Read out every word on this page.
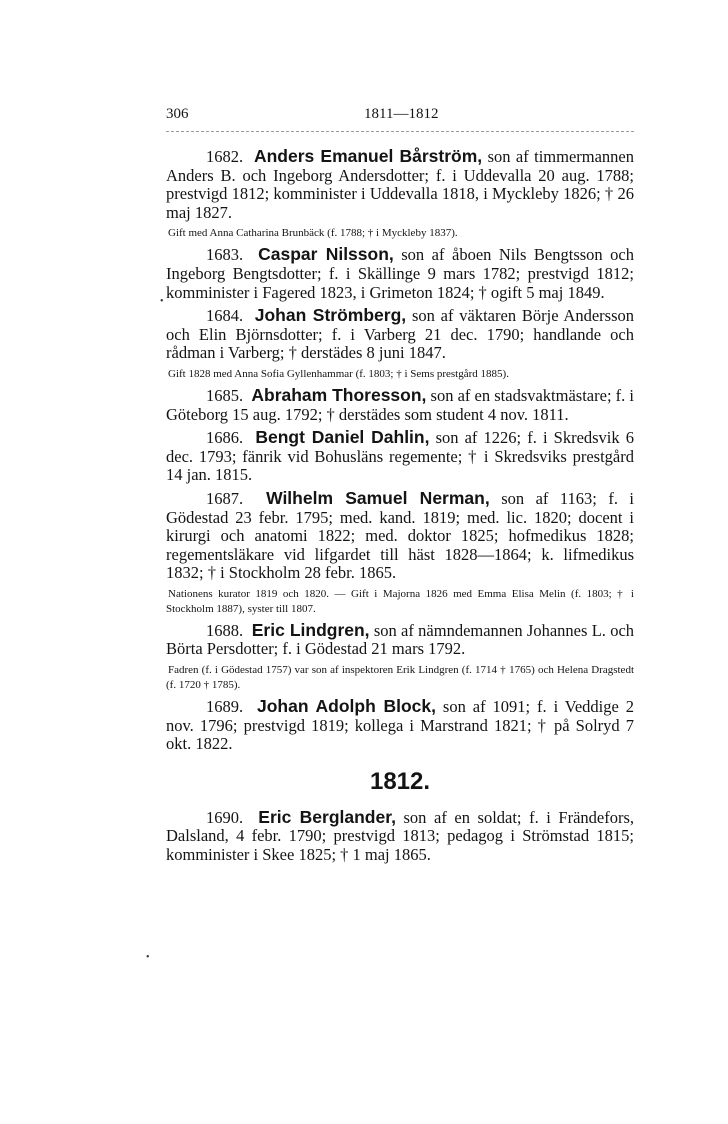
306	1811—1812
1682. Anders Emanuel Bårström, son af timmermannen Anders B. och Ingeborg Andersdotter; f. i Uddevalla 20 aug. 1788; prestvigd 1812; komminister i Uddevalla 1818, i Myckleby 1826; † 26 maj 1827.
Gift med Anna Catharina Brunbäck (f. 1788; † i Myckleby 1837).
1683. Caspar Nilsson, son af åboen Nils Bengtsson och Ingeborg Bengtsdotter; f. i Skällinge 9 mars 1782; prestvigd 1812; komminister i Fagered 1823, i Grimeton 1824; † ogift 5 maj 1849.
1684. Johan Strömberg, son af väktaren Börje Andersson och Elin Björnsdotter; f. i Varberg 21 dec. 1790; handlande och rådman i Varberg; † derstädes 8 juni 1847.
Gift 1828 med Anna Sofia Gyllenhammar (f. 1803; † i Sems prestgård 1885).
1685. Abraham Thoresson, son af en stadsvaktmästare; f. i Göteborg 15 aug. 1792; † derstädes som student 4 nov. 1811.
1686. Bengt Daniel Dahlin, son af 1226; f. i Skredsvik 6 dec. 1793; fänrik vid Bohusläns regemente; † i Skredsviks prestgård 14 jan. 1815.
1687. Wilhelm Samuel Nerman, son af 1163; f. i Gödestad 23 febr. 1795; med. kand. 1819; med. lic. 1820; docent i kirurgi och anatomi 1822; med. doktor 1825; hofmedikus 1828; regementsläkare vid lifgardet till häst 1828—1864; k. lifmedikus 1832; † i Stockholm 28 febr. 1865.
Nationens kurator 1819 och 1820. — Gift i Majorna 1826 med Emma Elisa Melin (f. 1803; † i Stockholm 1887), syster till 1807.
1688. Eric Lindgren, son af nämndemannen Johannes L. och Börta Persdotter; f. i Gödestad 21 mars 1792.
Fadren (f. i Gödestad 1757) var son af inspektoren Erik Lindgren (f. 1714 † 1765) och Helena Dragstedt (f. 1720 † 1785).
1689. Johan Adolph Block, son af 1091; f. i Veddige 2 nov. 1796; prestvigd 1819; kollega i Marstrand 1821; † på Solryd 7 okt. 1822.
1812.
1690. Eric Berglander, son af en soldat; f. i Frändefors, Dalsland, 4 febr. 1790; prestvigd 1813; pedagog i Strömstad 1815; komminister i Skee 1825; † 1 maj 1865.
•
•
